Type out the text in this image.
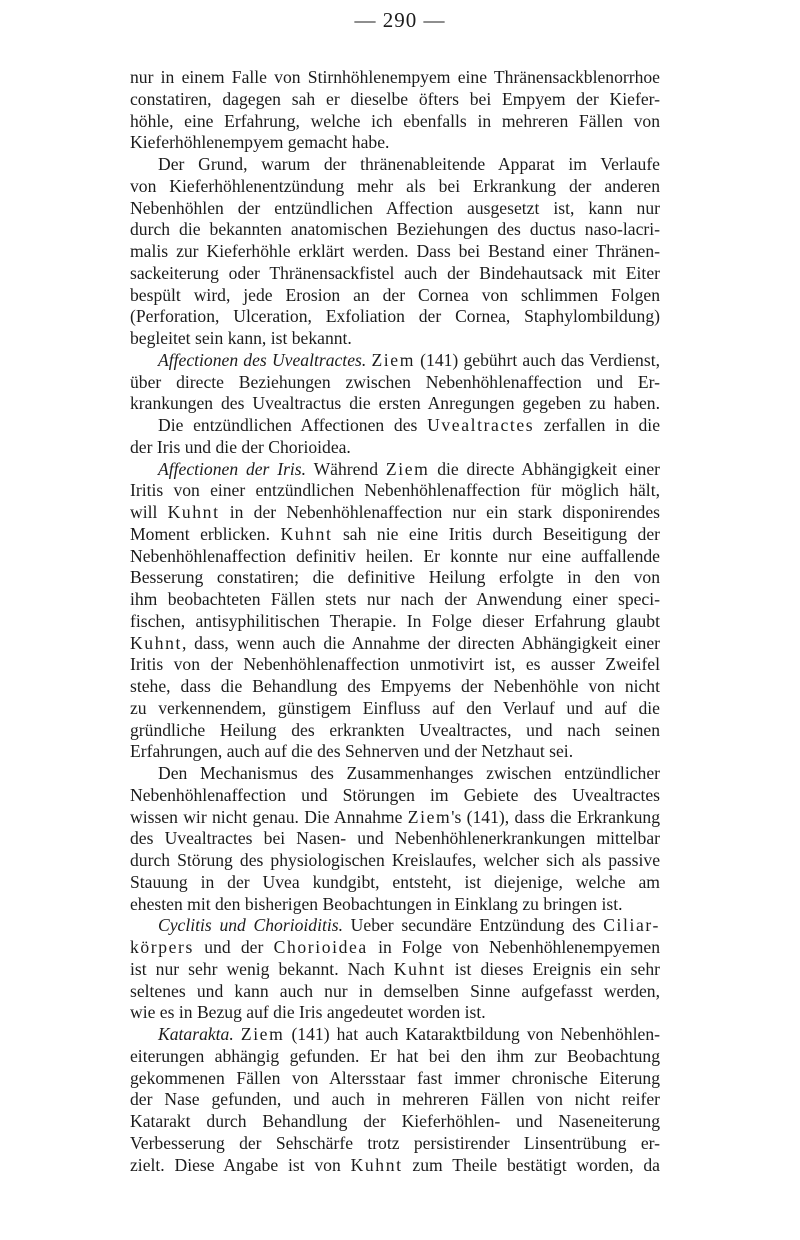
— 290 —
nur in einem Falle von Stirnhöhlenempyem eine Thränensackblenorrhoe
constatiren, dagegen sah er dieselbe öfters bei Empyem der Kiefer-
höhle, eine Erfahrung, welche ich ebenfalls in mehreren Fällen von
Kieferhöhlenempyem gemacht habe.
Der Grund, warum der thränenableitende Apparat im Verlaufe
von Kieferhöhlenentzündung mehr als bei Erkrankung der anderen
Nebenhöhlen der entzündlichen Affection ausgesetzt ist, kann nur
durch die bekannten anatomischen Beziehungen des ductus naso-lacri-
malis zur Kieferhöhle erklärt werden. Dass bei Bestand einer Thränen-
sackeiterung oder Thränensackfistel auch der Bindehautsack mit Eiter
bespült wird, jede Erosion an der Cornea von schlimmen Folgen
(Perforation, Ulceration, Exfoliation der Cornea, Staphylombildung)
begleitet sein kann, ist bekannt.
Affectionen des Uvealtractes. Ziem (141) gebührt auch das Verdienst,
über directe Beziehungen zwischen Nebenhöhlenaffection und Er-
krankungen des Uvealtractus die ersten Anregungen gegeben zu haben.
Die entzündlichen Affectionen des Uvealtractes zerfallen in die
der Iris und die der Chorioidea.
Affectionen der Iris. Während Ziem die directe Abhängigkeit einer
Iritis von einer entzündlichen Nebenhöhlenaffection für möglich hält,
will Kuhnt in der Nebenhöhlenaffection nur ein stark disponirendes
Moment erblicken. Kuhnt sah nie eine Iritis durch Beseitigung der
Nebenhöhlenaffection definitiv heilen. Er konnte nur eine auffallende
Besserung constatiren; die definitive Heilung erfolgte in den von
ihm beobachteten Fällen stets nur nach der Anwendung einer speci-
fischen, antisyphilitischen Therapie. In Folge dieser Erfahrung glaubt
Kuhnt, dass, wenn auch die Annahme der directen Abhängigkeit einer
Iritis von der Nebenhöhlenaffection unmotivirt ist, es ausser Zweifel
stehe, dass die Behandlung des Empyems der Nebenhöhle von nicht
zu verkennendem, günstigem Einfluss auf den Verlauf und auf die
gründliche Heilung des erkrankten Uvealtractes, und nach seinen
Erfahrungen, auch auf die des Sehnerven und der Netzhaut sei.
Den Mechanismus des Zusammenhanges zwischen entzündlicher
Nebenhöhlenaffection und Störungen im Gebiete des Uvealtractes
wissen wir nicht genau. Die Annahme Ziem's (141), dass die Erkrankung
des Uvealtractes bei Nasen- und Nebenhöhlenerkrankungen mittelbar
durch Störung des physiologischen Kreislaufes, welcher sich als passive
Stauung in der Uvea kundgibt, entsteht, ist diejenige, welche am
ehesten mit den bisherigen Beobachtungen in Einklang zu bringen ist.
Cyclitis und Chorioiditis. Ueber secundäre Entzündung des Ciliar-
körpers und der Chorioidea in Folge von Nebenhöhlenempyemen
ist nur sehr wenig bekannt. Nach Kuhnt ist dieses Ereignis ein sehr
seltenes und kann auch nur in demselben Sinne aufgefasst werden,
wie es in Bezug auf die Iris angedeutet worden ist.
Katarakta. Ziem (141) hat auch Kataraktbildung von Nebenhöhlen-
eiterungen abhängig gefunden. Er hat bei den ihm zur Beobachtung
gekommenen Fällen von Altersstaar fast immer chronische Eiterung
der Nase gefunden, und auch in mehreren Fällen von nicht reifer
Katarakt durch Behandlung der Kieferhöhlen- und Naseneiterung
Verbesserung der Sehschärfe trotz persistirender Linsentrübung er-
zielt. Diese Angabe ist von Kuhnt zum Theile bestätigt worden, da
